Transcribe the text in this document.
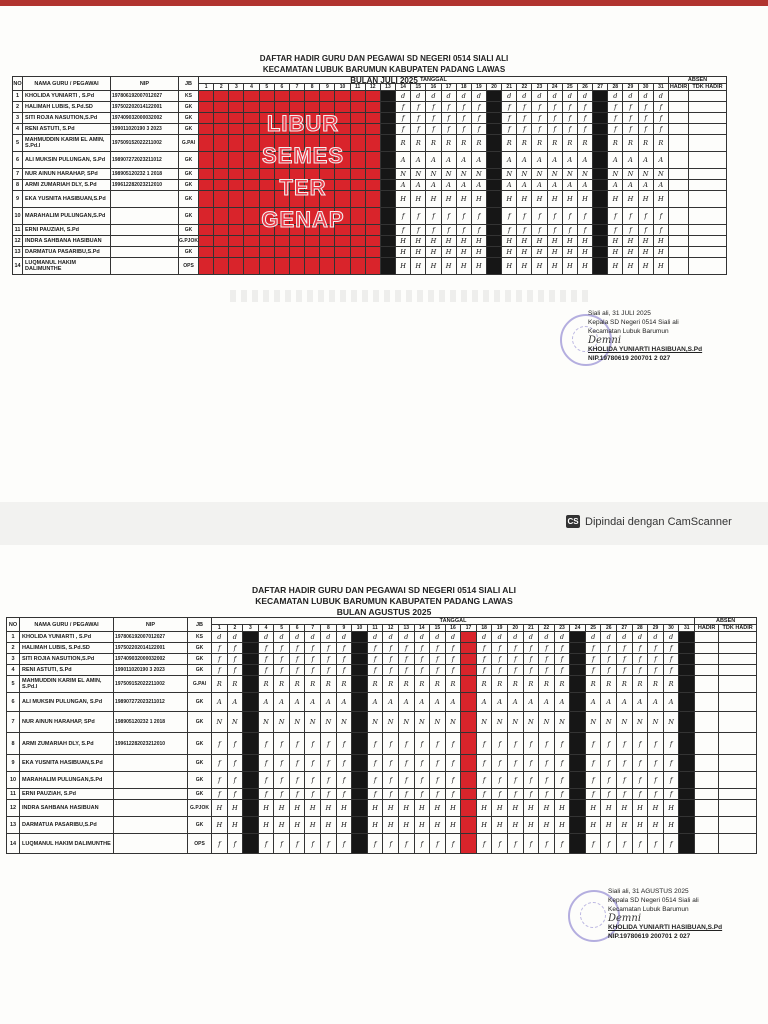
DAFTAR HADIR GURU DAN PEGAWAI SD NEGERI 0514 SIALI ALI
KECAMATAN LUBUK BARUMUN KABUPATEN PADANG LAWAS
BULAN JULI 2025
NO	NAMA GURU / PEGAWAI	NIP	JB	TANGGAL																															ABSEN	
				1	2	3	4	5	6	7	8	9	10	11	12	13	14	15	16	17	18	19	20	21	22	23	24	25	26	27	28	29	30	31	HADIR	TDK HADIR
1	KHOLIDA YUNIARTI , S.Pd	197806192007012027	KS														d	d	d	d	d	d		d	d	d	d	d	d		d	d	d	d		
2	HALIMAH LUBIS, S.Pd.SD	197502202014122001	GK														f	f	f	f	f	f		f	f	f	f	f	f		f	f	f	f		
3	SITI ROJIA NASUTION,S.Pd	197409032000032002	GK														f	f	f	f	f	f		f	f	f	f	f	f		f	f	f	f		
4	RENI ASTUTI, S.Pd	199011020190 3 2023	GK														f	f	f	f	f	f		f	f	f	f	f	f		f	f	f	f		
5	MAHMUDDIN KARIM EL AMIN, S.Pd.I	197509152022211002	G.PAI														R	R	R	R	R	R		R	R	R	R	R	R		R	R	R	R		
6	ALI MUKSIN PULUNGAN, S.Pd	198907272023211012	GK														A	A	A	A	A	A		A	A	A	A	A	A		A	A	A	A		
7	NUR AINUN HARAHAP, SPd	198905120232 1 2018	GK														N	N	N	N	N	N		N	N	N	N	N	N		N	N	N	N		
8	ARMI ZUMARIAH DLY, S.Pd	199612282023212010	GK														A	A	A	A	A	A		A	A	A	A	A	A		A	A	A	A		
9	EKA YUSNITA HASIBUAN,S.Pd		GK														H	H	H	H	H	H		H	H	H	H	H	H		H	H	H	H		
10	MARAHALIM PULUNGAN,S.Pd		GK														f	f	f	f	f	f		f	f	f	f	f	f		f	f	f	f		
11	ERNI PAUZIAH, S.Pd		GK														f	f	f	f	f	f		f	f	f	f	f	f		f	f	f	f		
12	INDRA SAHBANA HASIBUAN		G.PJOK														H	H	H	H	H	H		H	H	H	H	H	H		H	H	H	H		
13	DARMATUA PASARIBU,S.Pd		GK														H	H	H	H	H	H		H	H	H	H	H	H		H	H	H	H		
14	LUQMANUL HAKIM DALIMUNTHE		OPS														H	H	H	H	H	H		H	H	H	H	H	H		H	H	H	H		
Siali ali, 31 JULI 2025
Kepala SD Negeri 0514 Siali ali
Kecamatan Lubuk Barumun
Demni
KHOLIDA YUNIARTI HASIBUAN,S.Pd
NIP.19780619 200701 2 027
LIBUR
SEMES
TER
GENAP
CS Dipindai dengan CamScanner
DAFTAR HADIR GURU DAN PEGAWAI SD NEGERI 0514 SIALI ALI
KECAMATAN LUBUK BARUMUN KABUPATEN PADANG LAWAS
BULAN AGUSTUS 2025
NO	NAMA GURU / PEGAWAI	NIP	JB	TANGGAL																															ABSEN	
				1	2	3	4	5	6	7	8	9	10	11	12	13	14	15	16	17	18	19	20	21	22	23	24	25	26	27	28	29	30	31	HADIR	TDK HADIR
1	KHOLIDA YUNIARTI , S.Pd	197806192007012027	KS	d	d		d	d	d	d	d	d		d	d	d	d	d	d		d	d	d	d	d	d		d	d	d	d	d	d			
2	HALIMAH LUBIS, S.Pd.SD	197502202014122001	GK	f	f		f	f	f	f	f	f		f	f	f	f	f	f		f	f	f	f	f	f		f	f	f	f	f	f			
3	SITI ROJIA NASUTION,S.Pd	197409032000032002	GK	f	f		f	f	f	f	f	f		f	f	f	f	f	f		f	f	f	f	f	f		f	f	f	f	f	f			
4	RENI ASTUTI, S.Pd	199011020190 3 2023	GK	f	f		f	f	f	f	f	f		f	f	f	f	f	f		f	f	f	f	f	f		f	f	f	f	f	f			
5	MAHMUDDIN KARIM EL AMIN, S.Pd.I	197509152022211002	G.PAI	R	R		R	R	R	R	R	R		R	R	R	R	R	R		R	R	R	R	R	R		R	R	R	R	R	R			
6	ALI MUKSIN PULUNGAN, S.Pd	198907272023211012	GK	A	A		A	A	A	A	A	A		A	A	A	A	A	A		A	A	A	A	A	A		A	A	A	A	A	A			
7	NUR AINUN HARAHAP, SPd	198905120232 1 2018	GK	N	N		N	N	N	N	N	N		N	N	N	N	N	N		N	N	N	N	N	N		N	N	N	N	N	N			
8	ARMI ZUMARIAH DLY, S.Pd	199612282023212010	GK	f	f		f	f	f	f	f	f		f	f	f	f	f	f		f	f	f	f	f	f		f	f	f	f	f	f			
9	EKA YUSNITA HASIBUAN,S.Pd		GK	f	f		f	f	f	f	f	f		f	f	f	f	f	f		f	f	f	f	f	f		f	f	f	f	f	f			
10	MARAHALIM PULUNGAN,S.Pd		GK	f	f		f	f	f	f	f	f		f	f	f	f	f	f		f	f	f	f	f	f		f	f	f	f	f	f			
11	ERNI PAUZIAH, S.Pd		GK	f	f		f	f	f	f	f	f		f	f	f	f	f	f		f	f	f	f	f	f		f	f	f	f	f	f			
12	INDRA SAHBANA HASIBUAN		G.PJOK	H	H		H	H	H	H	H	H		H	H	H	H	H	H		H	H	H	H	H	H		H	H	H	H	H	H			
13	DARMATUA PASARIBU,S.Pd		GK	H	H		H	H	H	H	H	H		H	H	H	H	H	H		H	H	H	H	H	H		H	H	H	H	H	H			
14	LUQMANUL HAKIM DALIMUNTHE		OPS	f	f		f	f	f	f	f	f		f	f	f	f	f	f		f	f	f	f	f	f		f	f	f	f	f	f			
Siali ali, 31 AGUSTUS 2025
Kepala SD Negeri 0514 Siali ali
Kecamatan Lubuk Barumun
Demni
KHOLIDA YUNIARTI HASIBUAN,S.Pd
NIP.19780619 200701 2 027
